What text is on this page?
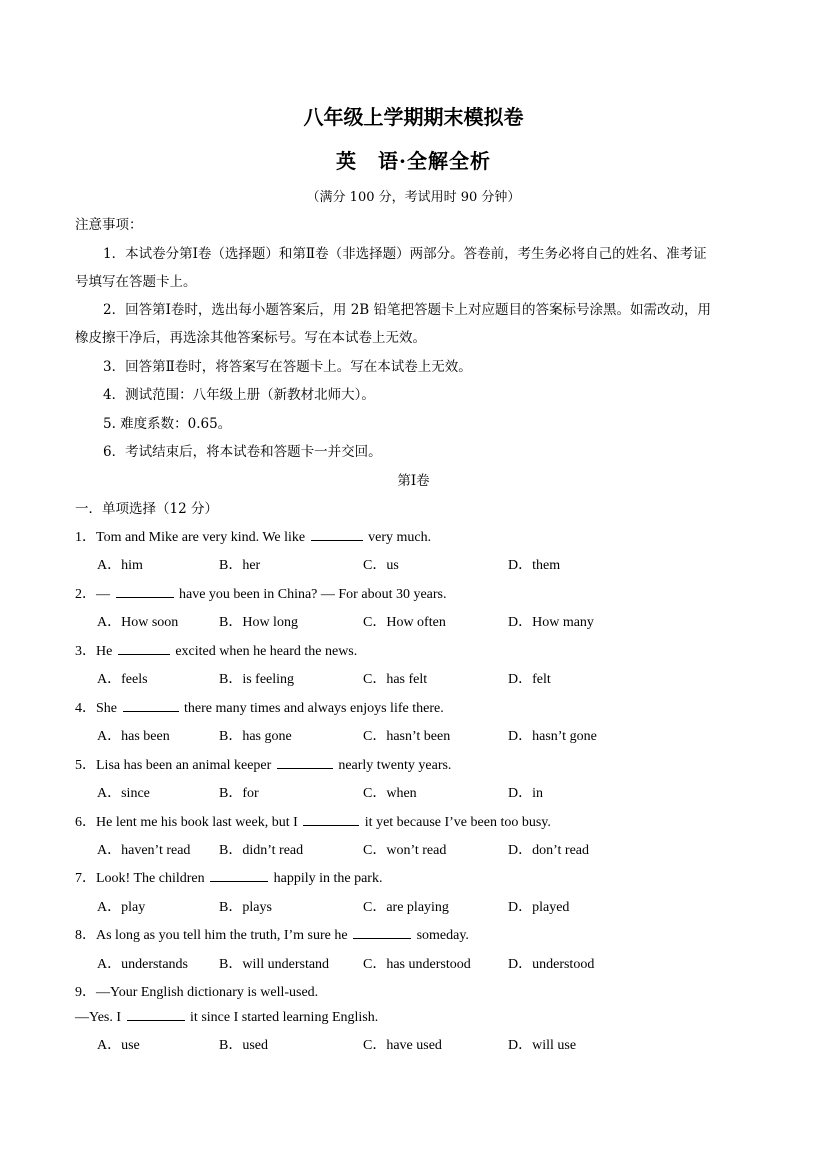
八年级上学期期末模拟卷
英　语·全解全析
（满分 100 分，考试用时 90 分钟）
注意事项：
1．本试卷分第Ⅰ卷（选择题）和第Ⅱ卷（非选择题）两部分。答卷前，考生务必将自己的姓名、准考证
号填写在答题卡上。
2．回答第Ⅰ卷时，选出每小题答案后，用 2B 铅笔把答题卡上对应题目的答案标号涂黑。如需改动，用
橡皮擦干净后，再选涂其他答案标号。写在本试卷上无效。
3．回答第Ⅱ卷时，将答案写在答题卡上。写在本试卷上无效。
4．测试范围：八年级上册（新教材北师大）。
5. 难度系数：0.65。
6．考试结束后，将本试卷和答题卡一并交回。
第Ⅰ卷
一．单项选择（12 分）
1．Tom and Mike are very kind. We like	very much.
A．him	B．her	C．us	D．them
2．—	have you been in China? — For about 30 years.
A．How soon	B．How long	C．How often	D．How many
3．He	excited when he heard the news.
A．feels	B．is feeling	C．has felt	D．felt
4．She	there many times and always enjoys life there.
A．has been	B．has gone	C．hasn’t been	D．hasn’t gone
5．Lisa has been an animal keeper	nearly twenty years.
A．since	B．for	C．when	D．in
6．He lent me his book last week, but I	it yet because I’ve been too busy.
A．haven’t read B．didn’t read	C．won’t read	D．don’t read
7．Look! The children	happily in the park.
A．play	B．plays	C．are playing	D．played
8．As long as you tell him the truth, I’m sure he	someday.
A．understands B．will understand C．has understood	D．understood
9．—Your English dictionary is well-used.
—Yes. I	it since I started learning English.
A．use	B．used	C．have used	D．will use
